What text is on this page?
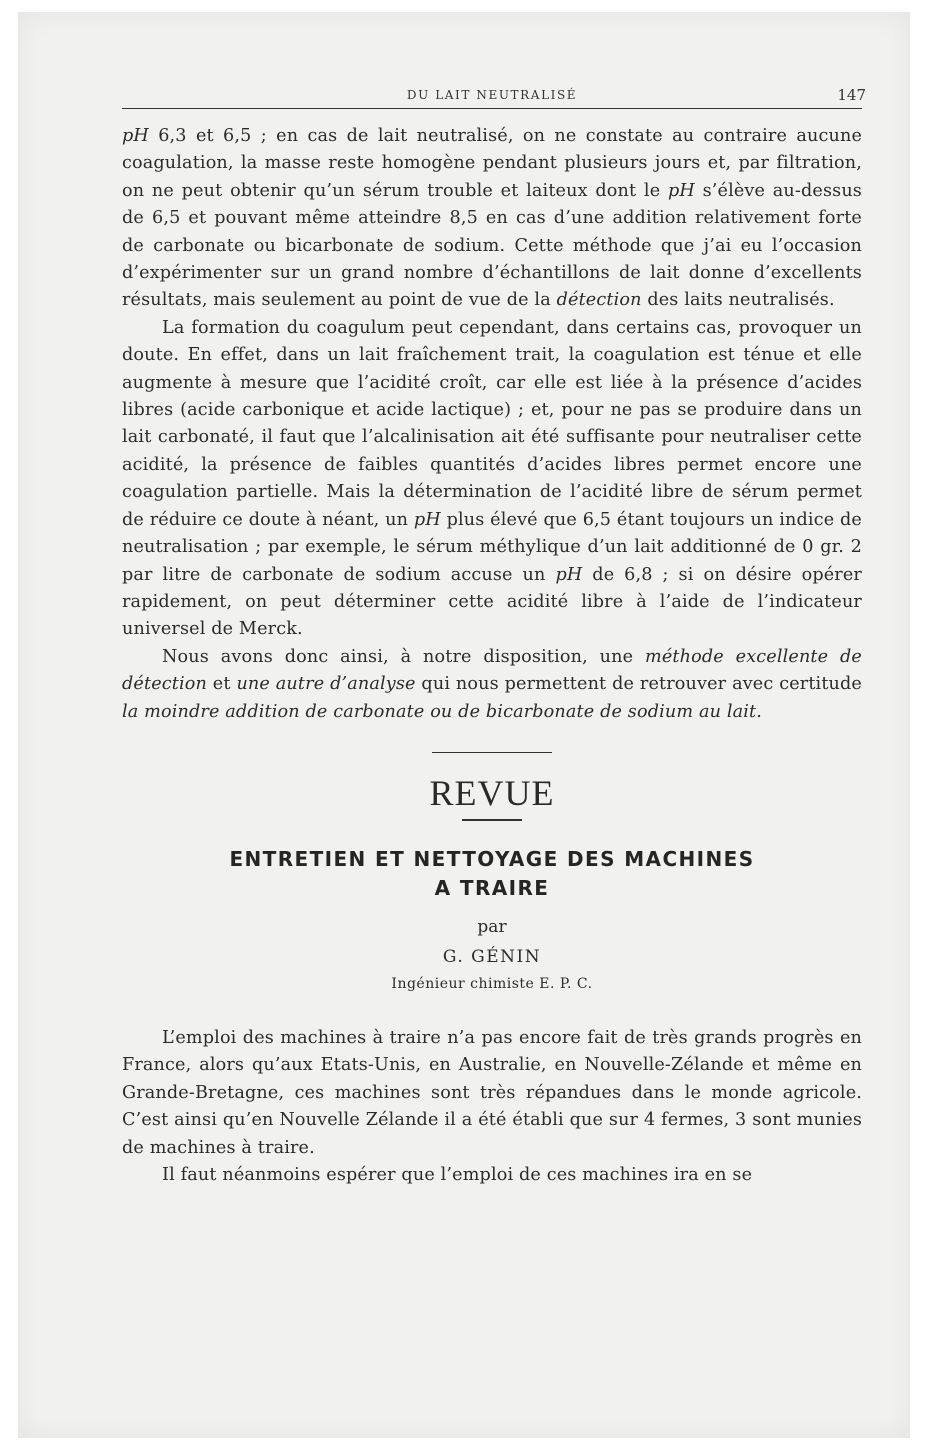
DU LAIT NEUTRALISÉ	147

pH 6,3 et 6,5 ; en cas de lait neutralisé, on ne constate au contraire aucune coagulation, la masse reste homogène pendant plusieurs jours et, par filtration, on ne peut obtenir qu’un sérum trouble et laiteux dont le pH s’élève au-dessus de 6,5 et pouvant même atteindre 8,5 en cas d’une addition relativement forte de carbonate ou bicarbonate de sodium. Cette méthode que j’ai eu l’occasion d’expérimenter sur un grand nombre d’échantillons de lait donne d’excellents résultats, mais seulement au point de vue de la détection des laits neutralisés.

La formation du coagulum peut cependant, dans certains cas, provoquer un doute. En effet, dans un lait fraîchement trait, la coagulation est ténue et elle augmente à mesure que l’acidité croît, car elle est liée à la présence d’acides libres (acide carbonique et acide lactique) ; et, pour ne pas se produire dans un lait carbonaté, il faut que l’alcalinisation ait été suffisante pour neutraliser cette acidité, la présence de faibles quantités d’acides libres permet encore une coagulation partielle. Mais la détermination de l’acidité libre de sérum permet de réduire ce doute à néant, un pH plus élevé que 6,5 étant toujours un indice de neutralisation ; par exemple, le sérum méthylique d’un lait additionné de 0 gr. 2 par litre de carbonate de sodium accuse un pH de 6,8 ; si on désire opérer rapidement, on peut déterminer cette acidité libre à l’aide de l’indicateur universel de Merck.

Nous avons donc ainsi, à notre disposition, une méthode excellente de détection et une autre d’analyse qui nous permettent de retrouver avec certitude la moindre addition de carbonate ou de bicarbonate de sodium au lait.

REVUE
ENTRETIEN ET NETTOYAGE DES MACHINES
A TRAIRE
par
G. GÉNIN
Ingénieur chimiste E. P. C.

L’emploi des machines à traire n’a pas encore fait de très grands progrès en France, alors qu’aux Etats-Unis, en Australie, en Nouvelle-Zélande et même en Grande-Bretagne, ces machines sont très répandues dans le monde agricole. C’est ainsi qu’en Nouvelle Zélande il a été établi que sur 4 fermes, 3 sont munies de machines à traire.

Il faut néanmoins espérer que l’emploi de ces machines ira en se
